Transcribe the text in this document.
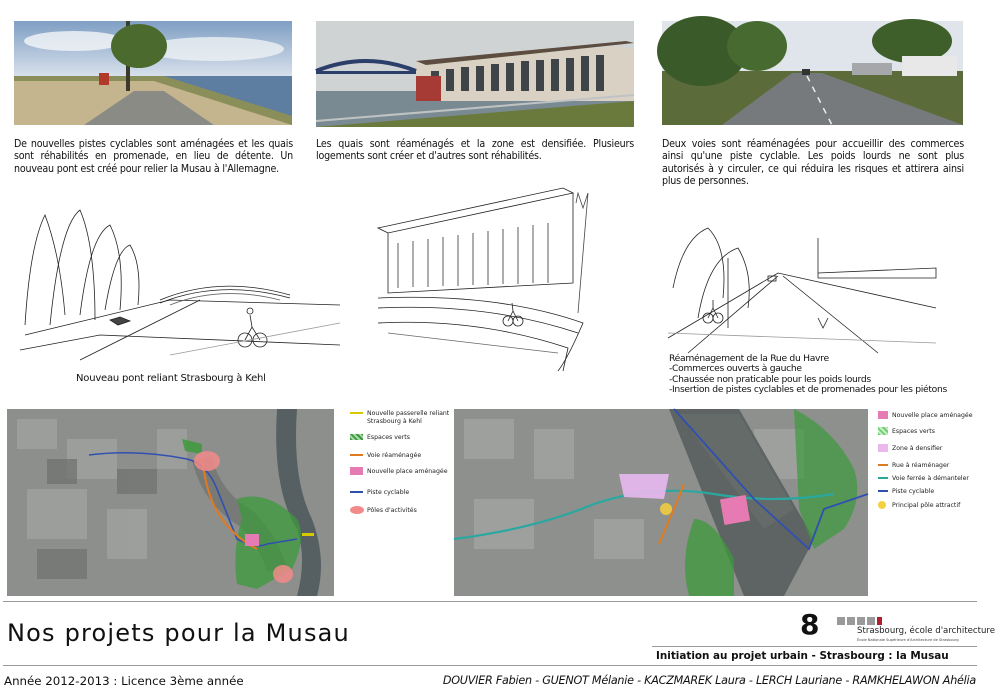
De nouvelles pistes cyclables sont aménagées et les quais sont réhabilités en promenade, en lieu de détente. Un nouveau pont est créé pour relier la Musau à l'Allemagne.
Les quais sont réaménagés et la zone est densifiée. Plusieurs logements sont créer et d'autres sont réhabilités.
Deux voies sont réaménagées pour accueillir des commerces ainsi qu'une piste cyclable. Les poids lourds ne sont plus autorisés à y circuler, ce qui réduira les risques et attirera ainsi plus de personnes.
Nouveau pont reliant Strasbourg à Kehl
Réaménagement de la Rue du Havre
-Commerces ouverts à gauche
-Chaussée non praticable pour les poids lourds
-Insertion de pistes cyclables et de promenades pour les piétons
Nouvelle passerelle reliant Strasbourg à Kehl
Espaces verts
Voie réaménagée
Nouvelle place aménagée
Piste cyclable
Pôles d'activités
Nouvelle place aménagée
Espaces verts
Zone à densifier
Rue à réaménager
Voie ferrée à démanteler
Piste cyclable
Principal pôle attractif
Nos projets pour la Musau	8	Strasbourg, école d'architecture
École Nationale Supérieure d'Architecture de Strasbourg
Initiation au projet urbain - Strasbourg : la Musau
Année 2012-2013 : Licence 3ème année	DOUVIER Fabien - GUENOT Mélanie - KACZMAREK Laura - LERCH Lauriane - RAMKHELAWON Ahélia
